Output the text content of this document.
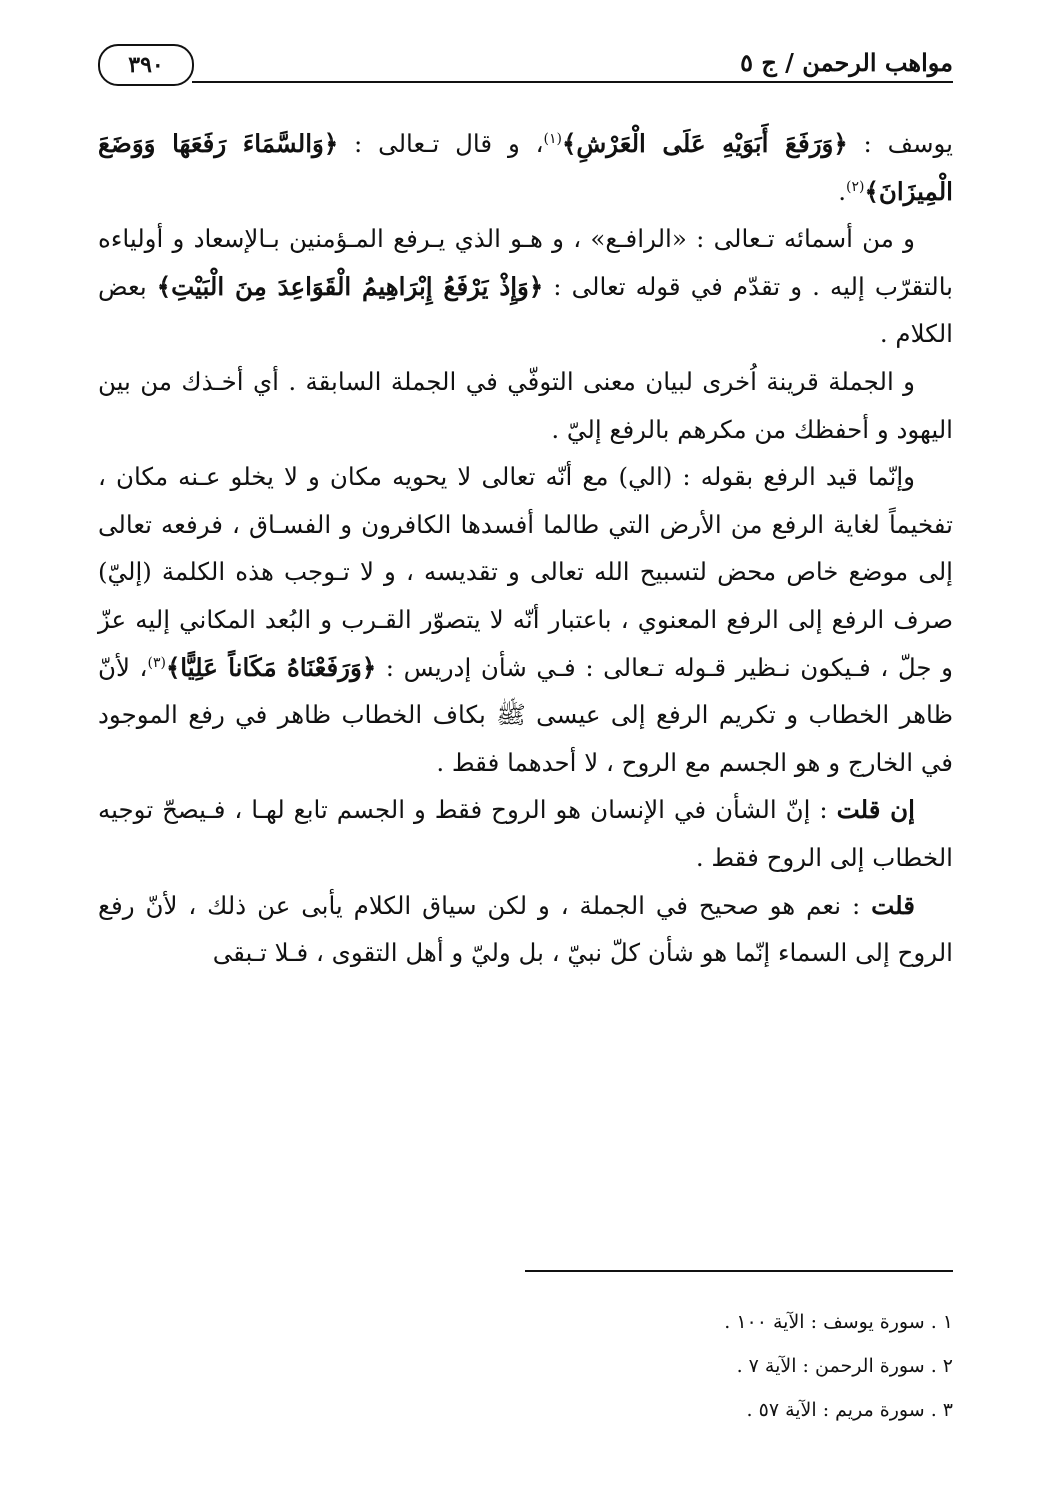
مواهب الرحمن / ج ٥
٣٩٠

يوسف : ﴿وَرَفَعَ أَبَوَيْهِ عَلَى الْعَرْشِ﴾$^{(١)}$، و قال تـعالى : ﴿وَالسَّمَاءَ رَفَعَهَا وَوَضَعَ الْمِيزَانَ﴾$^{(٢)}$.

و من أسمائه تـعالى : «الرافـع» ، و هـو الذي يـرفع المـؤمنين بـالإسعاد و أولياءه بالتقرّب إليه . و تقدّم في قوله تعالى : ﴿وَإِذْ يَرْفَعُ إِبْرَاهِيمُ الْقَوَاعِدَ مِنَ الْبَيْتِ﴾ بعض الكلام .

و الجملة قرينة اُخرى لبيان معنى التوفّي في الجملة السابقة . أي أخـذك من بين اليهود و أحفظك من مكرهم بالرفع إليّ .

وإنّما قيد الرفع بقوله : (الي) مع أنّه تعالى لا يحويه مكان و لا يخلو عـنه مكان ، تفخيماً لغاية الرفع من الأرض التي طالما أفسدها الكافرون و الفسـاق ، فرفعه تعالى إلى موضع خاص محض لتسبيح الله تعالى و تقديسه ، و لا تـوجب هذه الكلمة (إليّ) صرف الرفع إلى الرفع المعنوي ، باعتبار أنّه لا يتصوّر القـرب و البُعد المكاني إليه عزّ و جلّ ، فـيكون نـظير قـوله تـعالى : فـي شأن إدريس : ﴿وَرَفَعْنَاهُ مَكَاناً عَلِيًّا﴾$^{(٣)}$، لأنّ ظاهر الخطاب و تكريم الرفع إلى عيسى ﷺ بكاف الخطاب ظاهر في رفع الموجود في الخارج و هو الجسم مع الروح ، لا أحدهما فقط .

إن قلت : إنّ الشأن في الإنسان هو الروح فقط و الجسم تابع لهـا ، فـيصحّ توجيه الخطاب إلى الروح فقط .

قلت : نعم هو صحيح في الجملة ، و لكن سياق الكلام يأبى عن ذلك ، لأنّ رفع الروح إلى السماء إنّما هو شأن كلّ نبيّ ، بل وليّ و أهل التقوى ، فـلا تـبقى

١ . سورة يوسف : الآية ١٠٠ .

٢ . سورة الرحمن : الآية ٧ .

٣ . سورة مريم : الآية ٥٧ .
